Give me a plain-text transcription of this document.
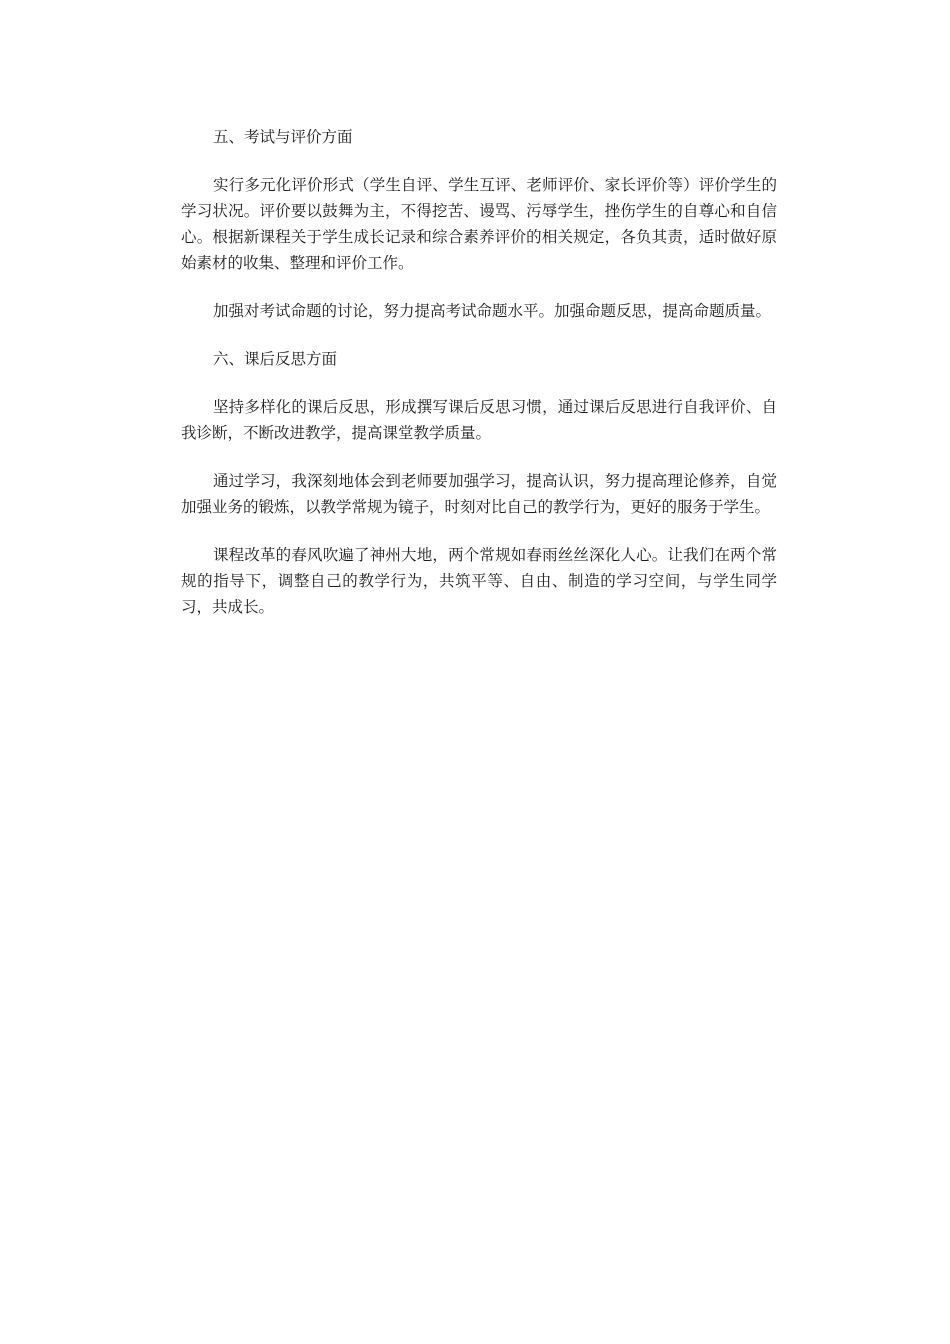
五、考试与评价方面

实行多元化评价形式（学生自评、学生互评、老师评价、家长评价等）评价学生的学习状况。评价要以鼓舞为主，不得挖苦、谩骂、污辱学生，挫伤学生的自尊心和自信心。根据新课程关于学生成长记录和综合素养评价的相关规定，各负其责，适时做好原始素材的收集、整理和评价工作。

加强对考试命题的讨论，努力提高考试命题水平。加强命题反思，提高命题质量。

六、课后反思方面

坚持多样化的课后反思，形成撰写课后反思习惯，通过课后反思进行自我评价、自我诊断，不断改进教学，提高课堂教学质量。

通过学习，我深刻地体会到老师要加强学习，提高认识，努力提高理论修养，自觉加强业务的锻炼，以教学常规为镜子，时刻对比自己的教学行为，更好的服务于学生。

课程改革的春风吹遍了神州大地，两个常规如春雨丝丝深化人心。让我们在两个常规的指导下，调整自己的教学行为，共筑平等、自由、制造的学习空间，与学生同学习，共成长。
